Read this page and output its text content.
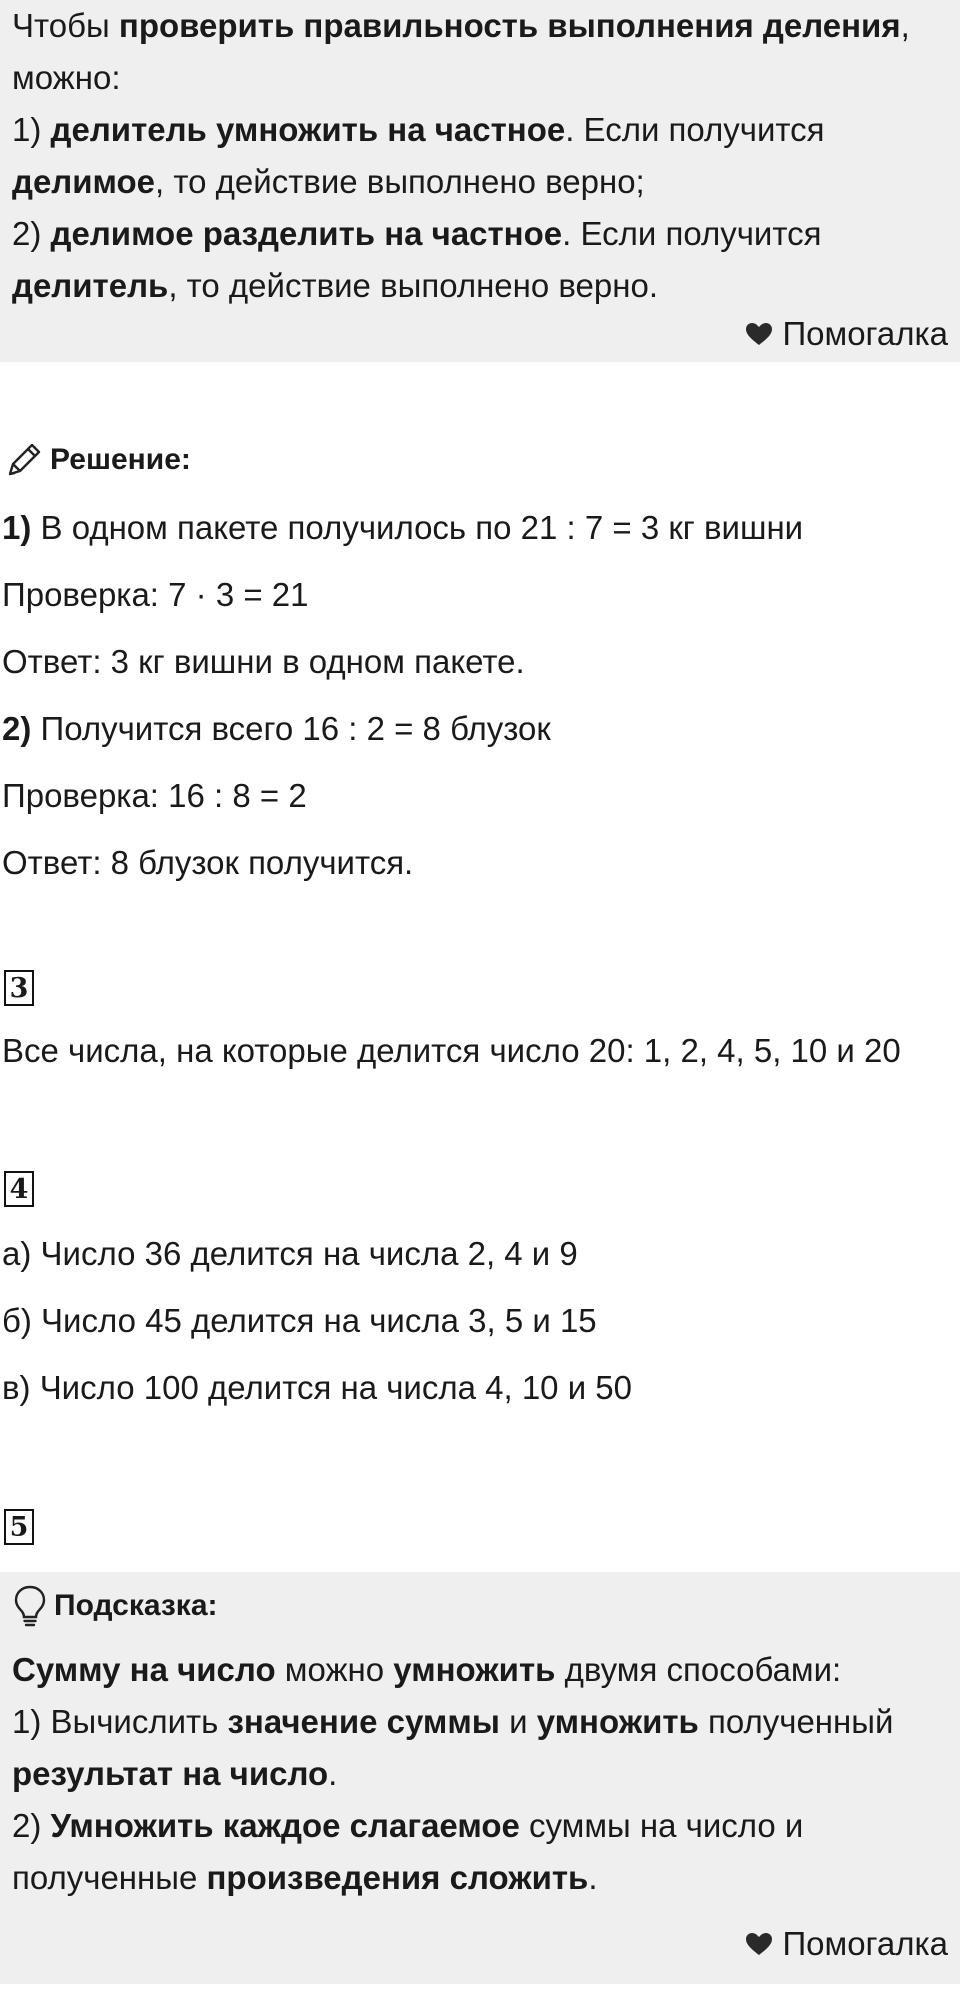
Чтобы проверить правильность выполнения деления,

можно:

1) делитель умножить на частное. Если получится

делимое, то действие выполнено верно;

2) делимое разделить на частное. Если получится

делитель, то действие выполнено верно.

Помогалка
Решение:

1) В одном пакете получилось по 21 : 7 = 3 кг вишни

Проверка: 7 · 3 = 21

Ответ: 3 кг вишни в одном пакете.

2) Получится всего 16 : 2 = 8 блузок

Проверка: 16 : 8 = 2

Ответ: 8 блузок получится.

3

Все числа, на которые делится число 20: 1, 2, 4, 5, 10 и 20

4

а) Число 36 делится на числа 2, 4 и 9

б) Число 45 делится на числа 3, 5 и 15

в) Число 100 делится на числа 4, 10 и 50

5
Подсказка:

Сумму на число можно умножить двумя способами:

1) Вычислить значение суммы и умножить полученный

результат на число.

2) Умножить каждое слагаемое суммы на число и

полученные произведения сложить.

Помогалка
